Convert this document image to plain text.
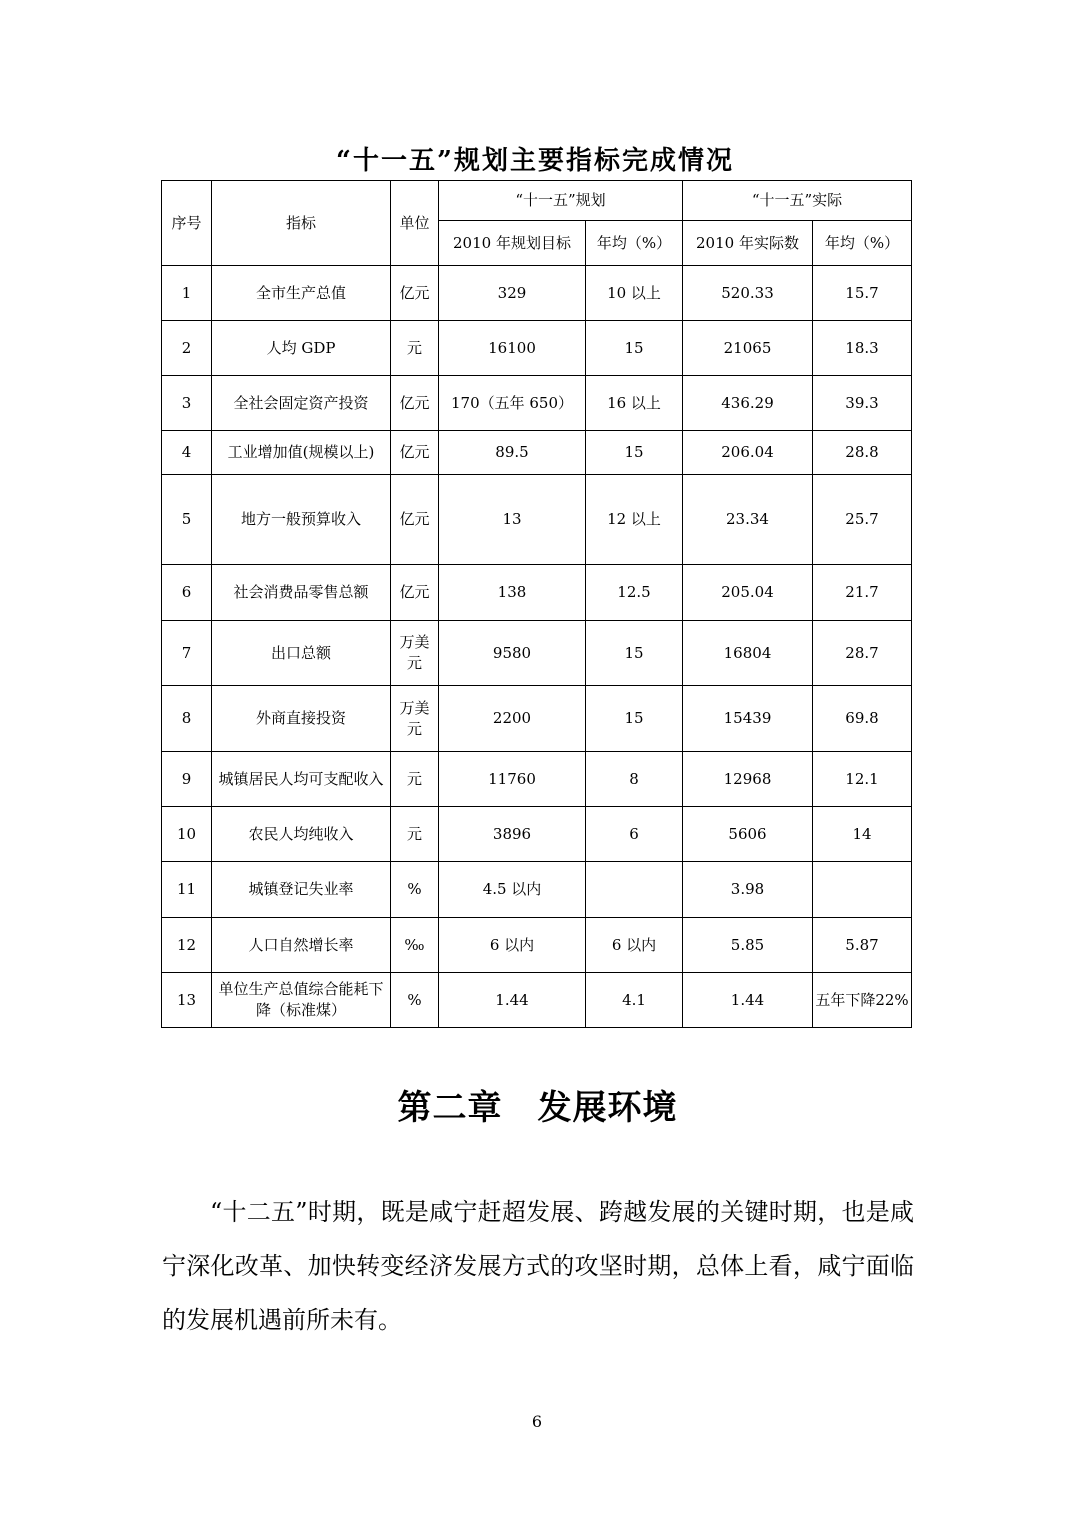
“十一五”规划主要指标完成情况
序号	指标	单位	“十一五”规划		“十一五”实际	
			2010 年规划目标	年均（%）	2010 年实际数	年均（%）
1	全市生产总值	亿元	329	10 以上	520.33	15.7
2	人均 GDP	元	16100	15	21065	18.3
3	全社会固定资产投资	亿元	170（五年 650）	16 以上	436.29	39.3
4	工业增加值(规模以上)	亿元	89.5	15	206.04	28.8
5	地方一般预算收入	亿元	13	12 以上	23.34	25.7
6	社会消费品零售总额	亿元	138	12.5	205.04	21.7
7	出口总额	万美元	9580	15	16804	28.7
8	外商直接投资	万美元	2200	15	15439	69.8
9	城镇居民人均可支配收入	元	11760	8	12968	12.1
10	农民人均纯收入	元	3896	6	5606	14
11	城镇登记失业率	%	4.5 以内		3.98	
12	人口自然增长率	‰	6 以内	6 以内	5.85	5.87
13	单位生产总值综合能耗下降（标准煤）	%	1.44	4.1	1.44	五年下降22%
第二章　发展环境

“十二五”时期，既是咸宁赶超发展、跨越发展的关键时期，也是咸宁深化改革、加快转变经济发展方式的攻坚时期，总体上看，咸宁面临的发展机遇前所未有。

6
